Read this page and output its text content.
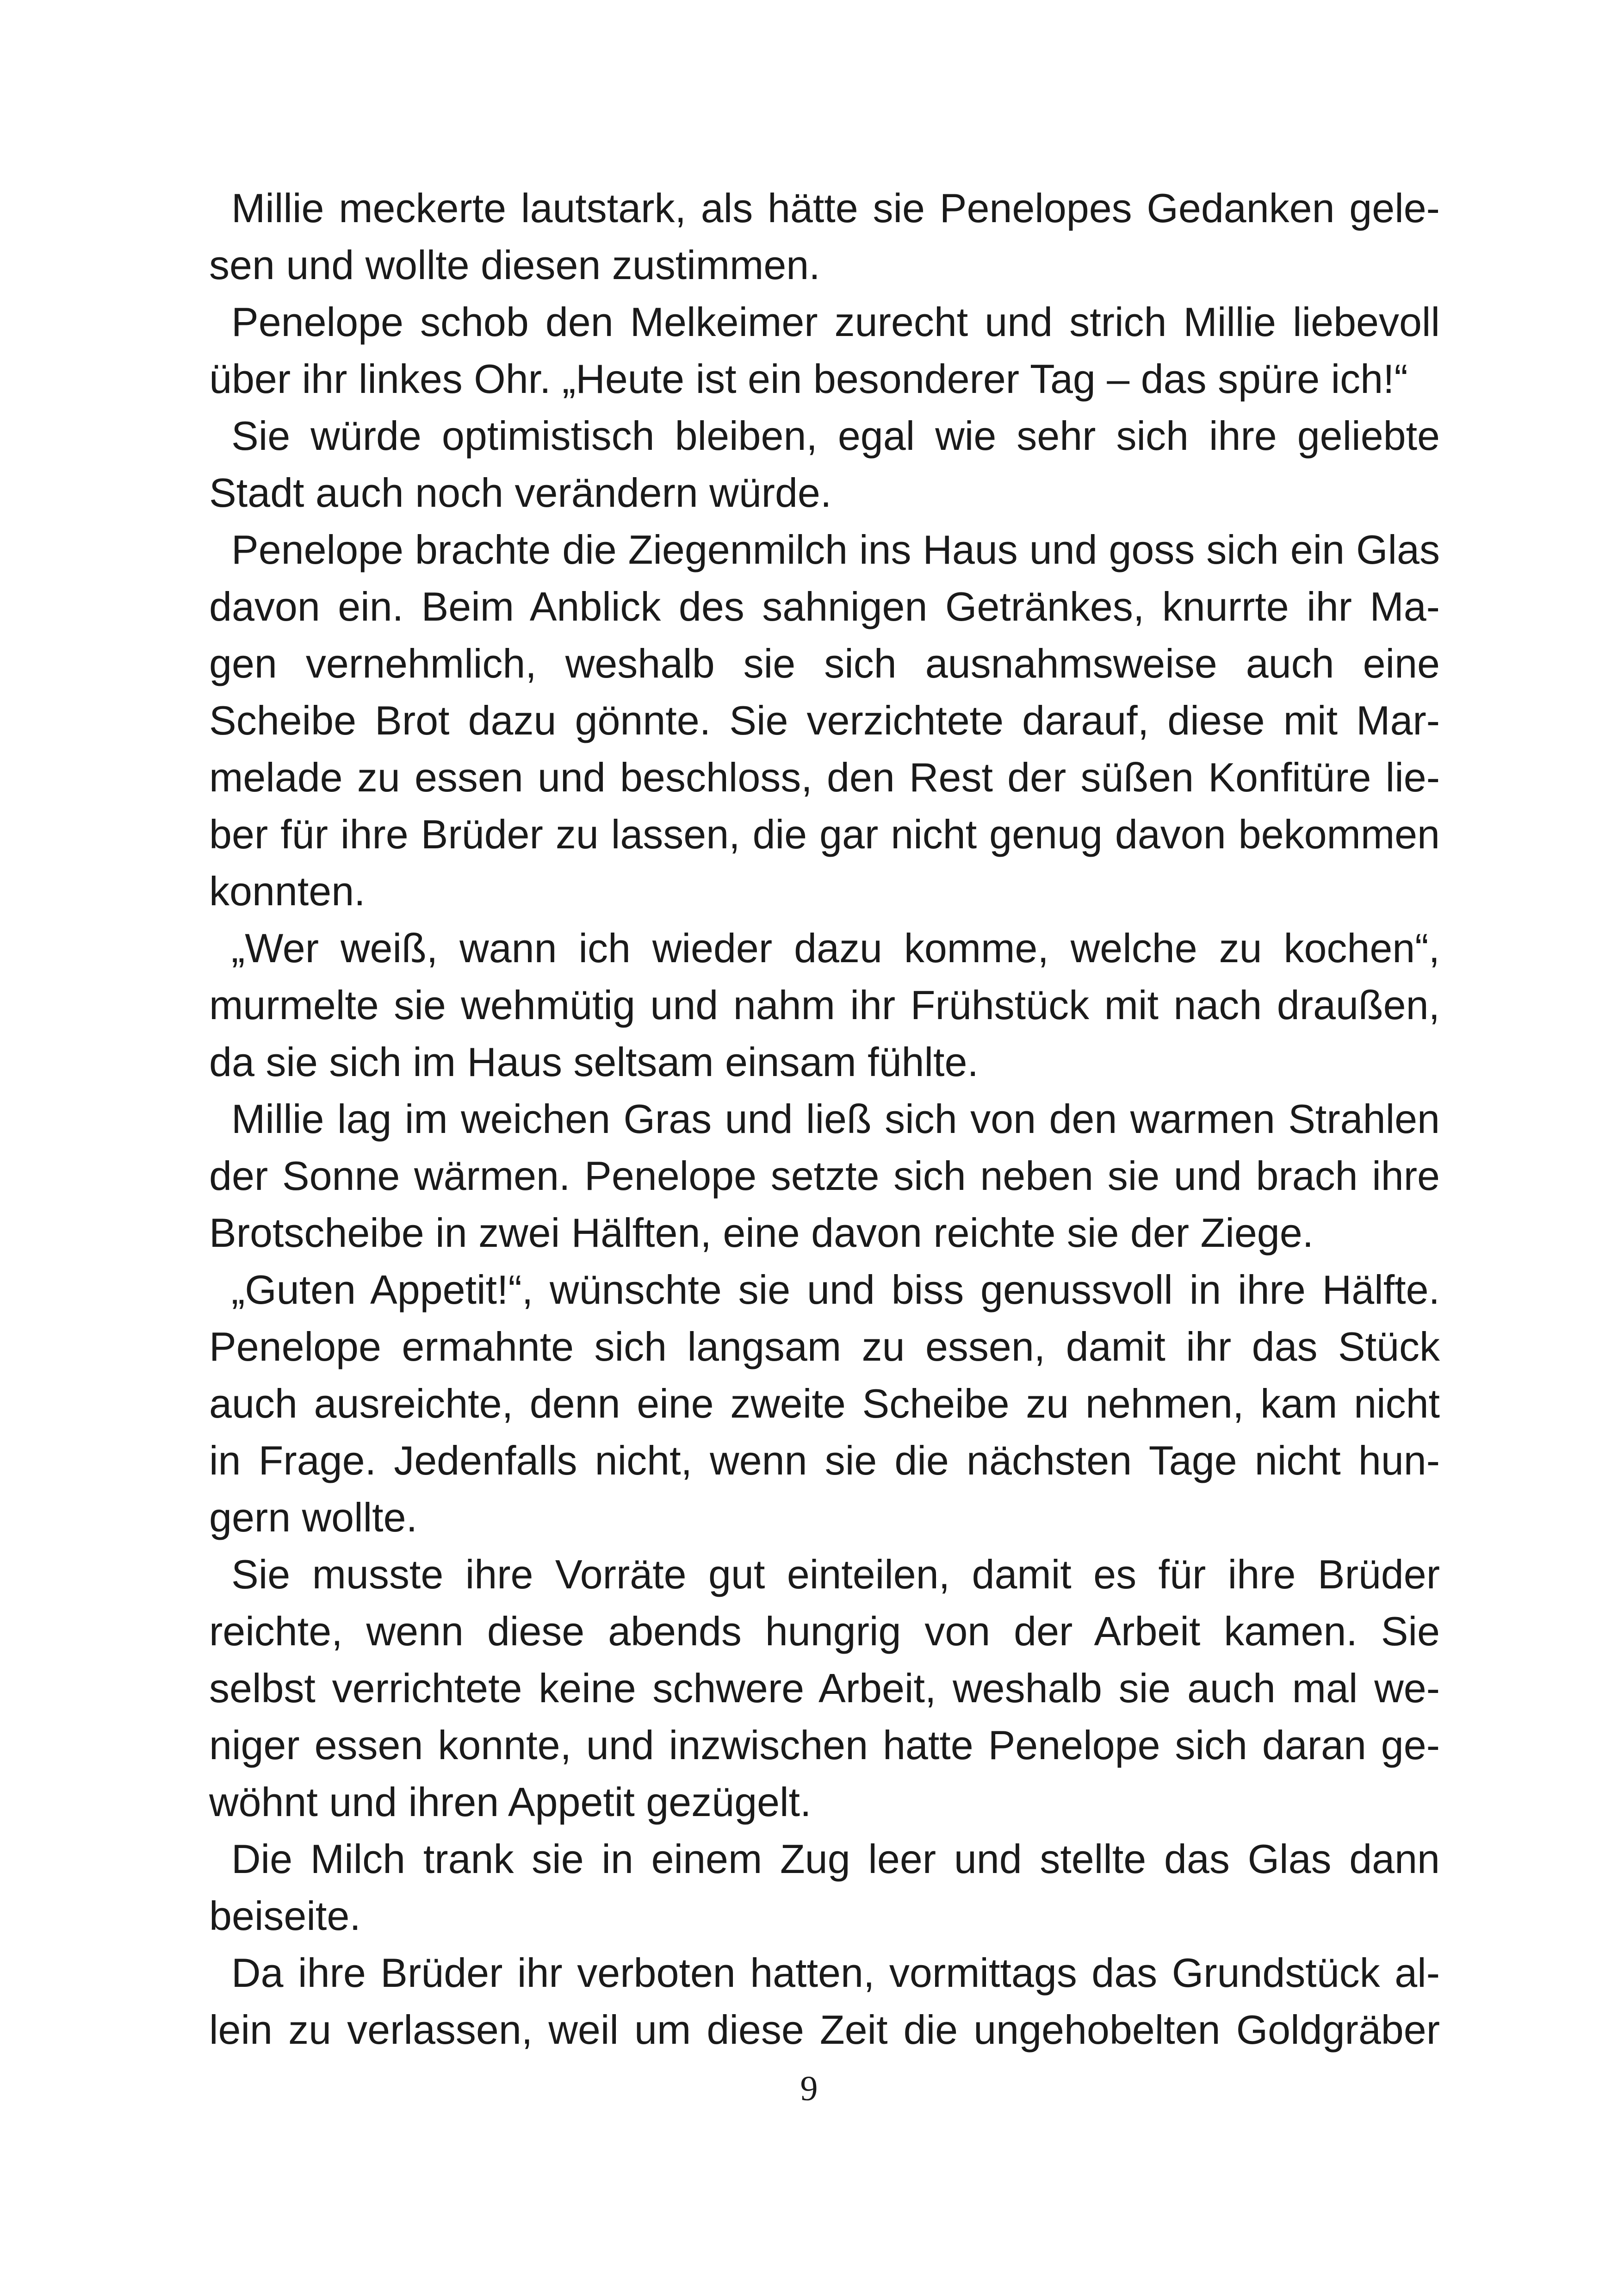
Millie meckerte lautstark, als hätte sie Penelopes Gedanken gele-
sen und wollte diesen zustimmen.
Penelope schob den Melkeimer zurecht und strich Millie liebevoll
über ihr linkes Ohr. „Heute ist ein besonderer Tag – das spüre ich!“
Sie würde optimistisch bleiben, egal wie sehr sich ihre geliebte
Stadt auch noch verändern würde.
Penelope brachte die Ziegenmilch ins Haus und goss sich ein Glas
davon ein. Beim Anblick des sahnigen Getränkes, knurrte ihr Ma-
gen vernehmlich, weshalb sie sich ausnahmsweise auch eine
Scheibe Brot dazu gönnte. Sie verzichtete darauf, diese mit Mar-
melade zu essen und beschloss, den Rest der süßen Konfitüre lie-
ber für ihre Brüder zu lassen, die gar nicht genug davon bekommen
konnten.
„Wer weiß, wann ich wieder dazu komme, welche zu kochen“,
murmelte sie wehmütig und nahm ihr Frühstück mit nach draußen,
da sie sich im Haus seltsam einsam fühlte.
Millie lag im weichen Gras und ließ sich von den warmen Strahlen
der Sonne wärmen. Penelope setzte sich neben sie und brach ihre
Brotscheibe in zwei Hälften, eine davon reichte sie der Ziege.
„Guten Appetit!“, wünschte sie und biss genussvoll in ihre Hälfte.
Penelope ermahnte sich langsam zu essen, damit ihr das Stück
auch ausreichte, denn eine zweite Scheibe zu nehmen, kam nicht
in Frage. Jedenfalls nicht, wenn sie die nächsten Tage nicht hun-
gern wollte.
Sie musste ihre Vorräte gut einteilen, damit es für ihre Brüder
reichte, wenn diese abends hungrig von der Arbeit kamen. Sie
selbst verrichtete keine schwere Arbeit, weshalb sie auch mal we-
niger essen konnte, und inzwischen hatte Penelope sich daran ge-
wöhnt und ihren Appetit gezügelt.
Die Milch trank sie in einem Zug leer und stellte das Glas dann
beiseite.
Da ihre Brüder ihr verboten hatten, vormittags das Grundstück al-
lein zu verlassen, weil um diese Zeit die ungehobelten Goldgräber
9
